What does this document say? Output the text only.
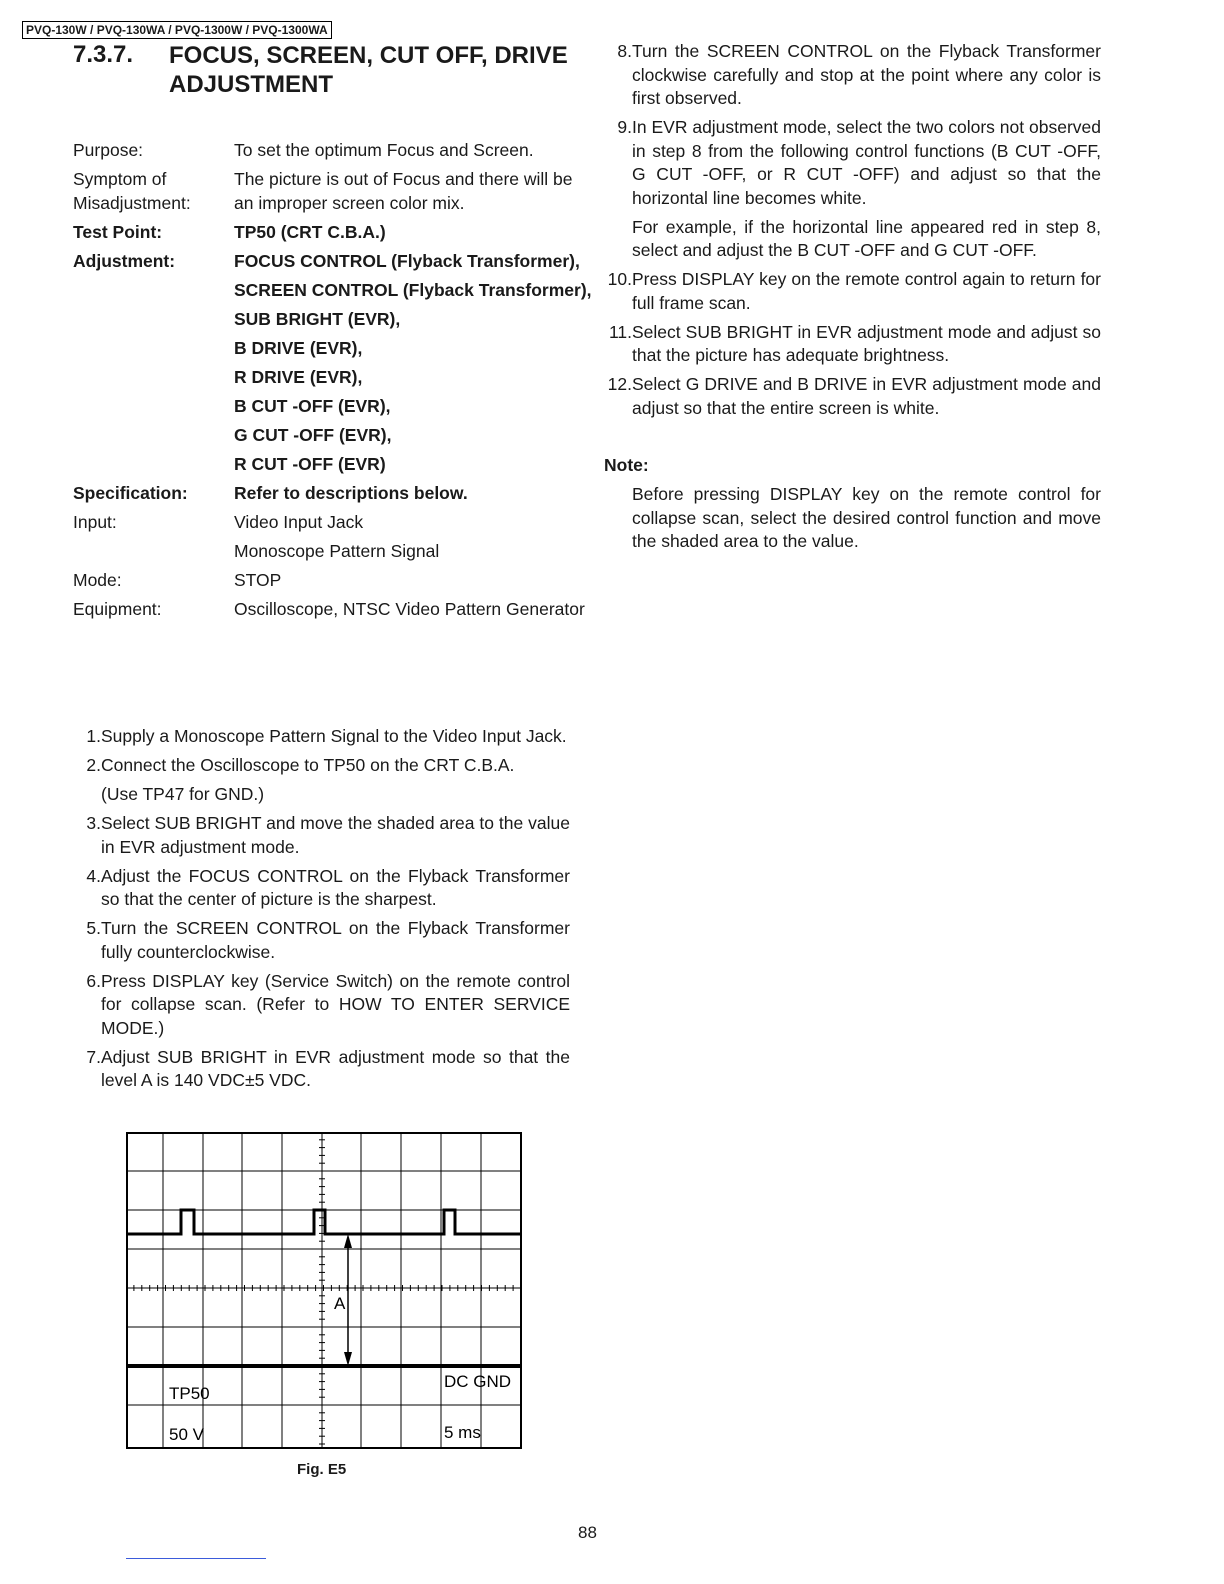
PVQ-130W / PVQ-130WA / PVQ-1300W / PVQ-1300WA
7.3.7. FOCUS, SCREEN, CUT OFF, DRIVE ADJUSTMENT
Purpose:	To set the optimum Focus and Screen.
Symptom of Misadjustment:
The picture is out of Focus and there will be an improper screen color mix.
Test Point:	TP50 (CRT C.B.A.)
Adjustment:	FOCUS CONTROL (Flyback Transformer),
SCREEN CONTROL (Flyback Transformer),
SUB BRIGHT (EVR),
B DRIVE (EVR),
R DRIVE (EVR),
B CUT -OFF (EVR),
G CUT -OFF (EVR),
R CUT -OFF (EVR)
Specification:	Refer to descriptions below.
Input:	Video Input Jack
Monoscope Pattern Signal
Mode:	STOP
Equipment:	Oscilloscope, NTSC Video Pattern Generator
1. Supply a Monoscope Pattern Signal to the Video Input Jack.

2. Connect the Oscilloscope to TP50 on the CRT C.B.A.

(Use TP47 for GND.)

3. Select SUB BRIGHT and move the shaded area to the value in EVR adjustment mode.

4. Adjust the FOCUS CONTROL on the Flyback Transformer so that the center of picture is the sharpest.

5. Turn the SCREEN CONTROL on the Flyback Transformer fully counterclockwise.

6. Press DISPLAY key (Service Switch) on the remote control for collapse scan. (Refer to HOW TO ENTER SERVICE MODE.)

7. Adjust SUB BRIGHT in EVR adjustment mode so that the level A is 140 VDC±5 VDC.

8. Turn the SCREEN CONTROL on the Flyback Transformer clockwise carefully and stop at the point where any color is first observed.

9. In EVR adjustment mode, select the two colors not observed in step 8 from the following control functions (B CUT -OFF, G CUT -OFF, or R CUT -OFF) and adjust so that the horizontal line becomes white.

For example, if the horizontal line appeared red in step 8, select and adjust the B CUT -OFF and G CUT -OFF.

10. Press DISPLAY key on the remote control again to return for full frame scan.

11. Select SUB BRIGHT in EVR adjustment mode and adjust so that the picture has adequate brightness.

12. Select G DRIVE and B DRIVE in EVR adjustment mode and adjust so that the entire screen is white.

Note:
Before pressing DISPLAY key on the remote control for collapse scan, select the desired control function and move the shaded area to the value.
A
TP50
50 V
DC GND
5 ms
Fig. E5
88
